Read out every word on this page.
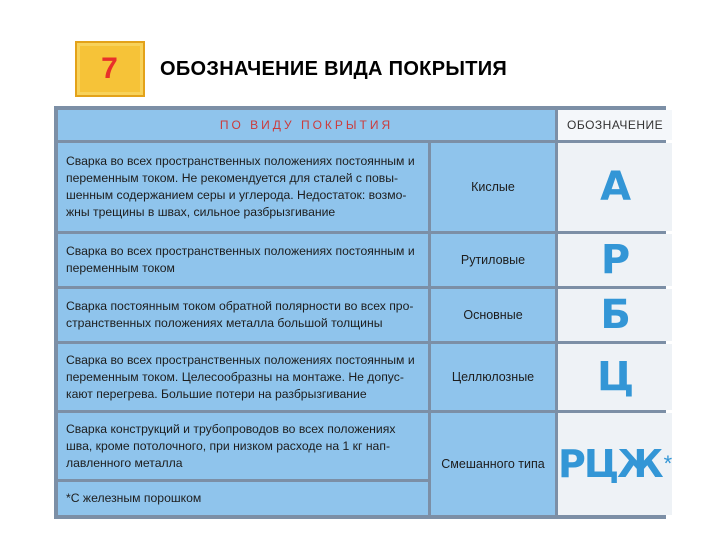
7 ОБОЗНАЧЕНИЕ ВИДА ПОКРЫТИЯ
ПО ВИДУ ПОКРЫТИЯ	ОБОЗНАЧЕНИЕ
Сварка во всех пространственных положениях постоянным и переменным током. Не рекомендуется для сталей с повышенным содержанием серы и углерода. Недостаток: возможны трещины в швах, сильное разбрызгивание
Кислые А
Сварка во всех пространственных положениях постоянным и переменным током
Рутиловые Р
Сварка постоянным током обратной полярности во всех пространственных положениях металла большой толщины
Основные Б
Сварка во всех пространственных положениях постоянным и переменным током. Целесообразны на монтаже. Не допускают перегрева. Большие потери на разбрызгивание
Целлюлозные Ц
Сварка конструкций и трубопроводов во всех положениях шва, кроме потолочного, при низком расходе на 1 кг наплавленного металла	Смешанного типа РЦЖ *
*С железным порошком
